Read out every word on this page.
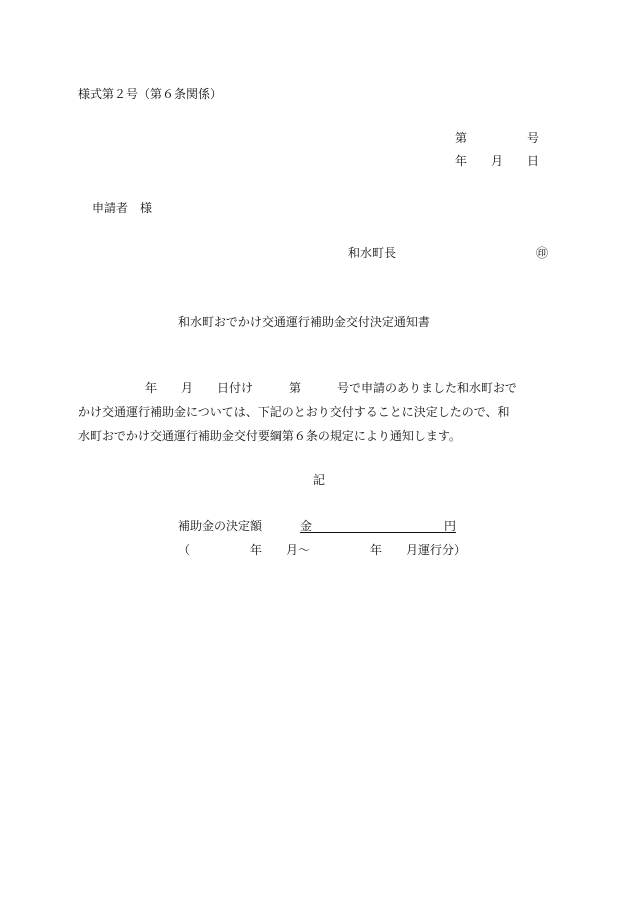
様式第２号（第６条関係）
第　　　　　号
年　　月　　日
申請者　様
和水町長	㊞
和水町おでかけ交通運行補助金交付決定通知書
年　　月　　日付け　　　第　　　号で申請のありました和水町おで
かけ交通運行補助金については、下記のとおり交付することに決定したので、和
水町おでかけ交通運行補助金交付要綱第６条の規定により通知します。
記
補助金の決定額	金　　　　　　　　　　　円
（　　　　　年　　月〜　　　　　年　　月運行分）
